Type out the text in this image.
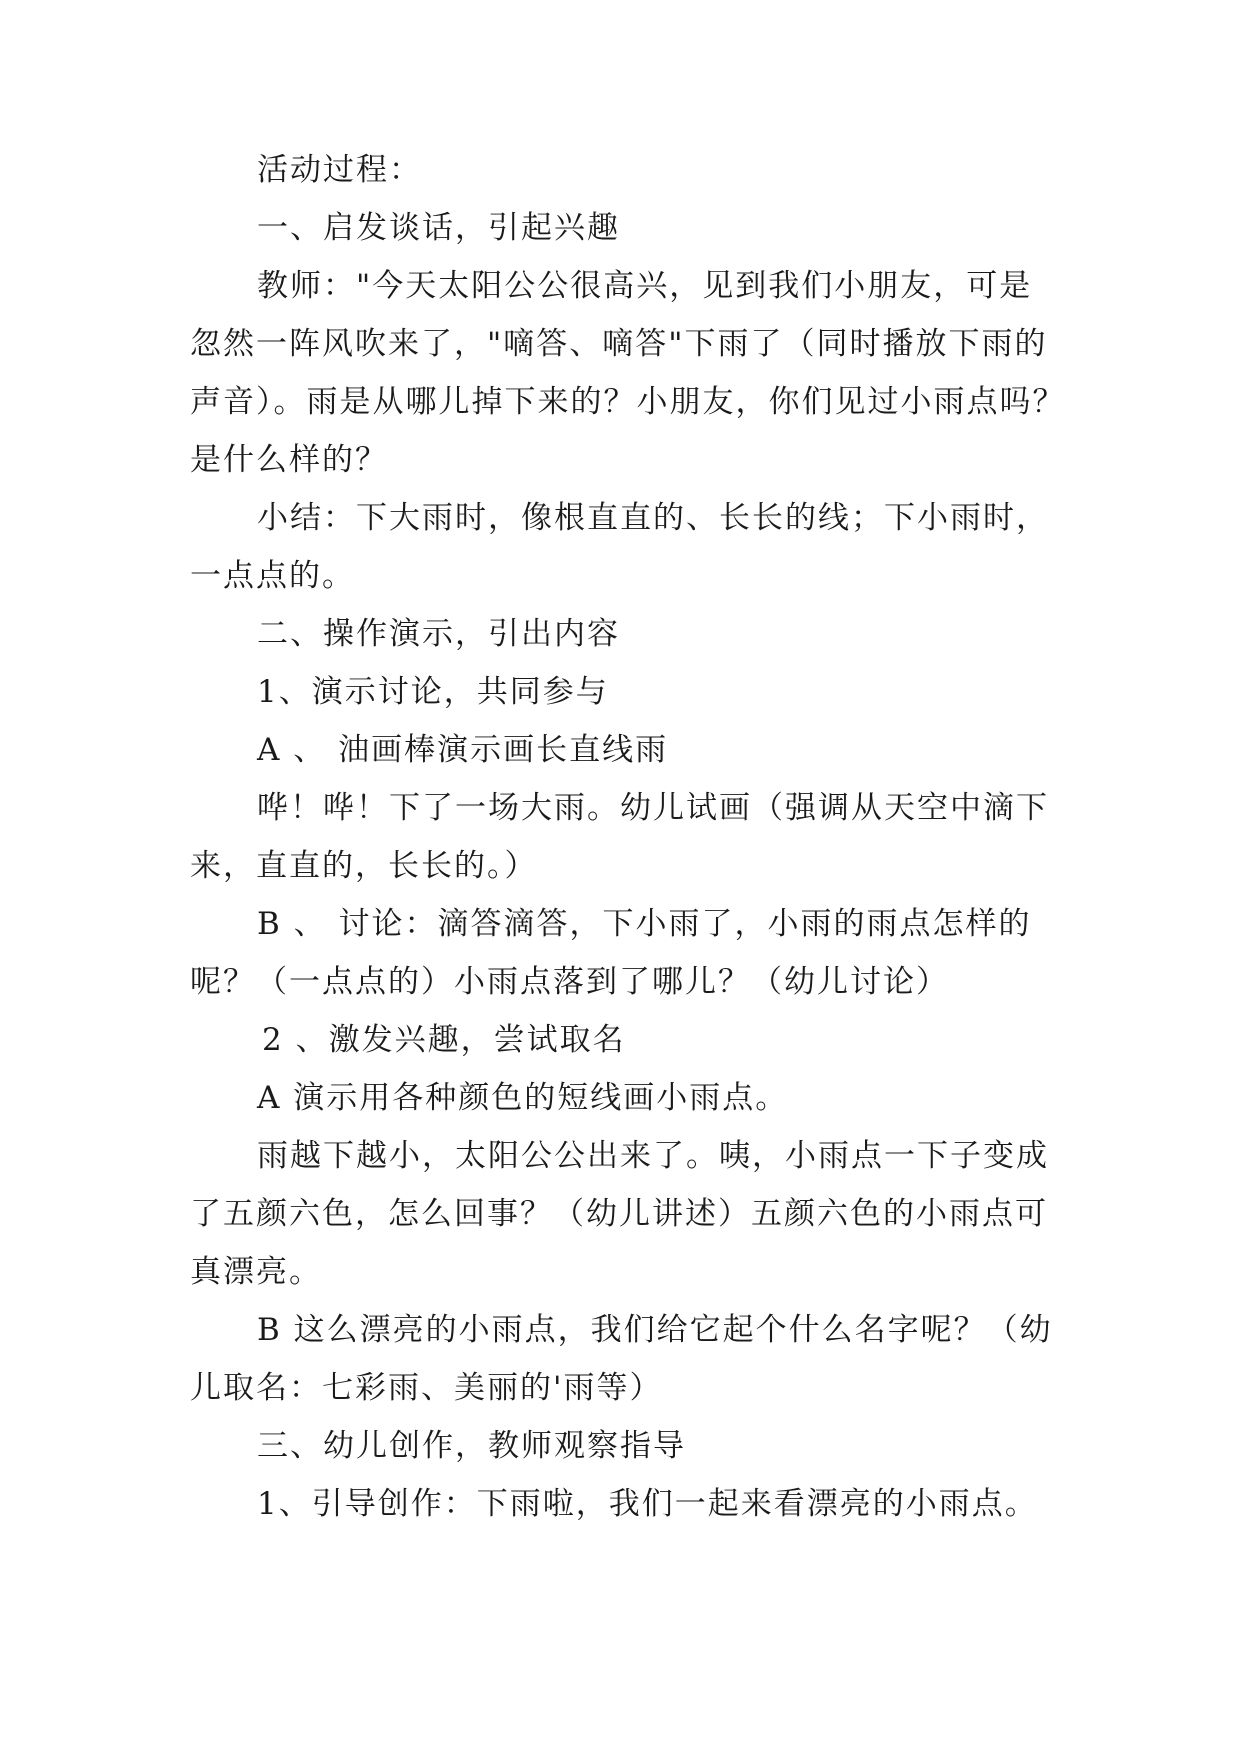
活动过程：
一、启发谈话，引起兴趣
教师："今天太阳公公很高兴，见到我们小朋友，可是
忽然一阵风吹来了，"嘀答、嘀答"下雨了（同时播放下雨的
声音）。雨是从哪儿掉下来的？小朋友，你们见过小雨点吗？
是什么样的？
小结：下大雨时，像根直直的、长长的线；下小雨时，
一点点的。
二、操作演示，引出内容
1、演示讨论，共同参与
A 、 油画棒演示画长直线雨
哗！哗！下了一场大雨。幼儿试画（强调从天空中滴下
来，直直的，长长的。）
B 、 讨论：滴答滴答，下小雨了，小雨的雨点怎样的
呢？（一点点的）小雨点落到了哪儿？（幼儿讨论）
2 、激发兴趣，尝试取名
A 演示用各种颜色的短线画小雨点。
雨越下越小，太阳公公出来了。咦，小雨点一下子变成
了五颜六色，怎么回事？（幼儿讲述）五颜六色的小雨点可
真漂亮。
B 这么漂亮的小雨点，我们给它起个什么名字呢？（幼
儿取名：七彩雨、美丽的'雨等）
三、幼儿创作，教师观察指导
1、引导创作：下雨啦，我们一起来看漂亮的小雨点。
